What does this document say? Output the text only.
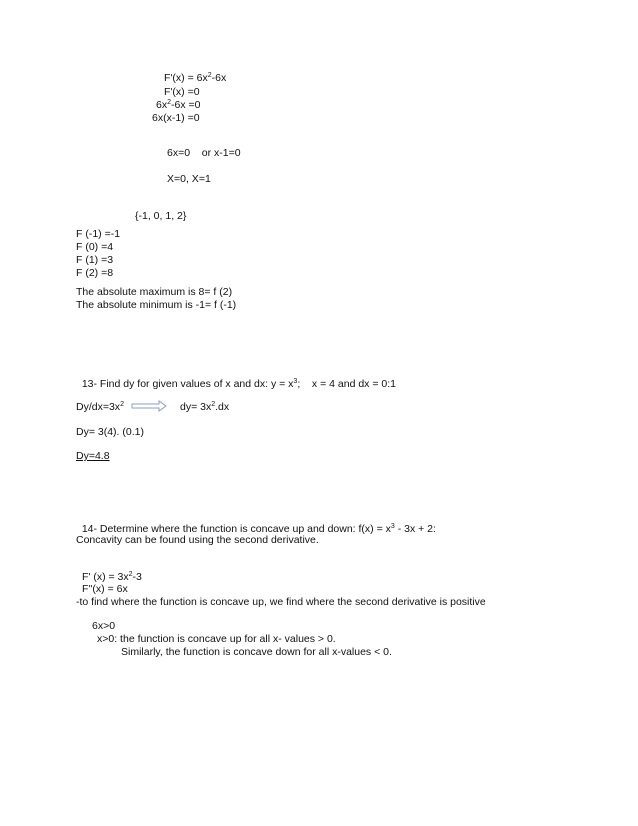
$F'(x) = 6x^2-6x$
F'(x) =0
$6x^2-6x =0$
6x(x-1) =0
6x=0    or x-1=0
X=0, X=1
{-1, 0, 1, 2}
F (-1) =-1
F (0) =4
F (1) =3
F (2) =8
The absolute maximum is 8= f (2)
The absolute minimum is -1= f (-1)

13- Find dy for given values of x and dx: $y = x^3$;    x = 4 and dx = 0:1

$Dy/dx=3x^2$	$dy= 3x^2.dx$
Dy= 3(4). (0.1)
Dy=4.8

14- Determine where the function is concave up and down: $f(x) = x^3 - 3x + 2$:

Concavity can be found using the second derivative.
F' $(x) = 3x^2-3$
F''(x) = 6x
-to find where the function is concave up, we find where the second derivative is positive
6x>0
x>0: the function is concave up for all x- values > 0.
Similarly, the function is concave down for all x-values < 0.
